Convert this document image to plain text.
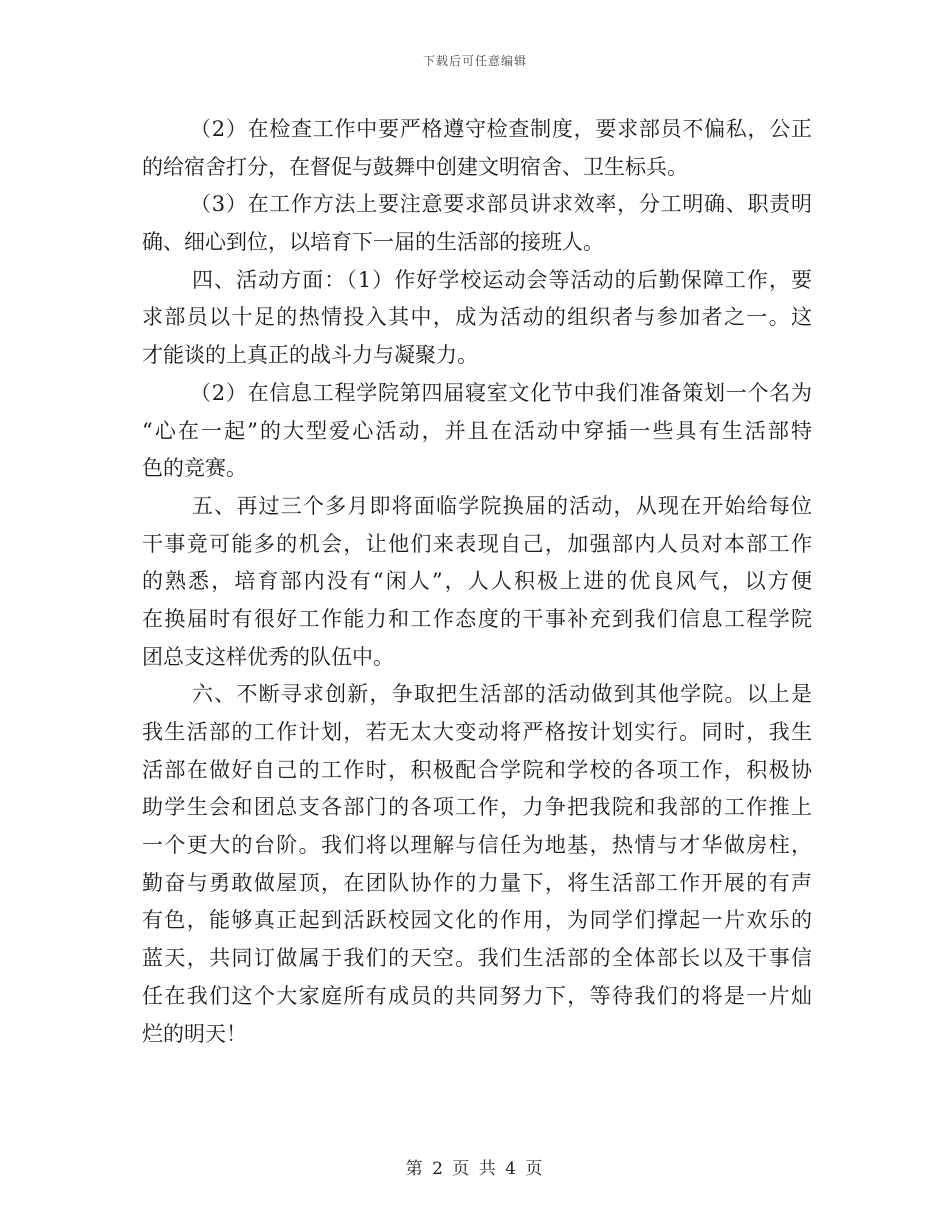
下载后可任意编辑
（2）在检查工作中要严格遵守检查制度，要求部员不偏私，公正
的给宿舍打分，在督促与鼓舞中创建文明宿舍、卫生标兵。
（3）在工作方法上要注意要求部员讲求效率，分工明确、职责明
确、细心到位，以培育下一届的生活部的接班人。
四、活动方面：（1）作好学校运动会等活动的后勤保障工作，要
求部员以十足的热情投入其中，成为活动的组织者与参加者之一。这
才能谈的上真正的战斗力与凝聚力。
（2）在信息工程学院第四届寝室文化节中我们准备策划一个名为
“心在一起”的大型爱心活动，并且在活动中穿插一些具有生活部特
色的竞赛。
五、再过三个多月即将面临学院换届的活动，从现在开始给每位
干事竟可能多的机会，让他们来表现自己，加强部内人员对本部工作
的熟悉，培育部内没有“闲人”，人人积极上进的优良风气，以方便
在换届时有很好工作能力和工作态度的干事补充到我们信息工程学院
团总支这样优秀的队伍中。
六、不断寻求创新，争取把生活部的活动做到其他学院。以上是
我生活部的工作计划，若无太大变动将严格按计划实行。同时，我生
活部在做好自己的工作时，积极配合学院和学校的各项工作，积极协
助学生会和团总支各部门的各项工作，力争把我院和我部的工作推上
一个更大的台阶。我们将以理解与信任为地基，热情与才华做房柱，
勤奋与勇敢做屋顶，在团队协作的力量下，将生活部工作开展的有声
有色，能够真正起到活跃校园文化的作用，为同学们撑起一片欢乐的
蓝天，共同订做属于我们的天空。我们生活部的全体部长以及干事信
任在我们这个大家庭所有成员的共同努力下，等待我们的将是一片灿
烂的明天！
第 2 页 共 4 页
